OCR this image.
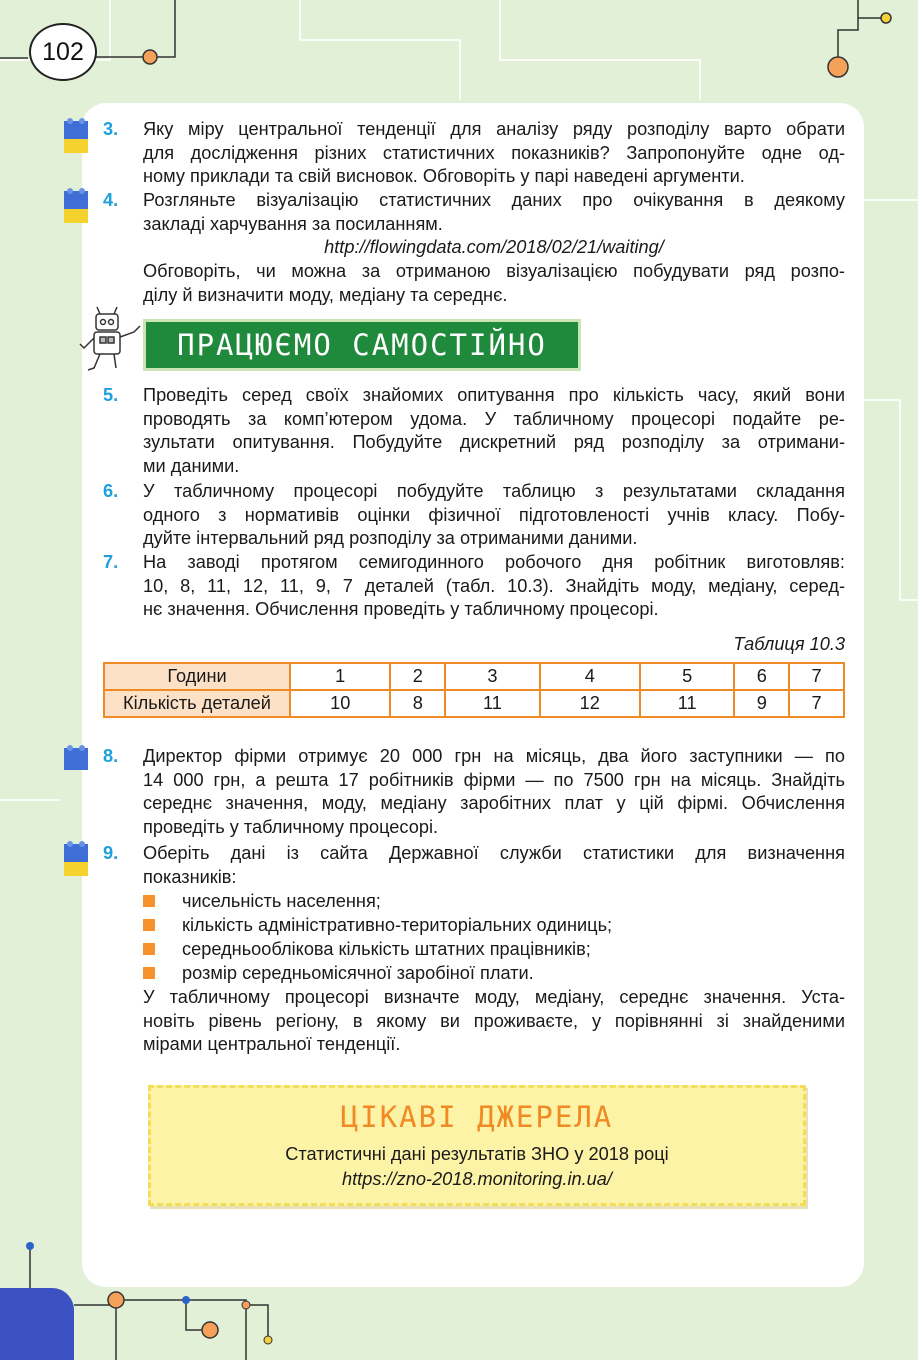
102
3. Яку міру центральної тенденції для аналізу ряду розподілу варто обрати
для дослідження різних статистичних показників? Запропонуйте одне од-
ному приклади та свій висновок. Обговоріть у парі наведені аргументи.
4. Розгляньте візуалізацію статистичних даних про очікування в деякому
закладі харчування за посиланням.
http://flowingdata.com/2018/02/21/waiting/
Обговоріть, чи можна за отриманою візуалізацією побудувати ряд розпо-
ділу й визначити моду, медіану та середнє.
ПРАЦЮЄМО САМОСТІЙНО
5. Проведіть серед своїх знайомих опитування про кількість часу, який вони
проводять за комп’ютером удома. У табличному процесорі подайте ре-
зультати опитування. Побудуйте дискретний ряд розподілу за отримани-
ми даними.
6. У табличному процесорі побудуйте таблицю з результатами складання
одного з нормативів оцінки фізичної підготовленості учнів класу. Побу-
дуйте інтервальний ряд розподілу за отриманими даними.
7. На заводі протягом семигодинного робочого дня робітник виготовляв:
10, 8, 11, 12, 11, 9, 7 деталей (табл. 10.3). Знайдіть моду, медіану, серед-
нє значення. Обчислення проведіть у табличному процесорі.
Таблиця 10.3
Години	1	2	3	4	5	6	7
Кількість деталей	10	8	11	12	11	9	7
8. Директор фірми отримує 20 000 грн на місяць, два його заступники — по
14 000 грн, а решта 17 робітників фірми — по 7500 грн на місяць. Знайдіть
середнє значення, моду, медіану заробітних плат у цій фірмі. Обчислення
проведіть у табличному процесорі.
9. Оберіть дані із сайта Державної служби статистики для визначення
показників:
чисельність населення;
кількість адміністративно-територіальних одиниць;
середньооблікова кількість штатних працівників;
розмір середньомісячної заробіної плати.
У табличному процесорі визначте моду, медіану, середнє значення. Уста-
новіть рівень регіону, в якому ви проживаєте, у порівнянні зі знайденими
мірами центральної тенденції.
ЦІКАВІ ДЖЕРЕЛА
Статистичні дані результатів ЗНО у 2018 році
https://zno-2018.monitoring.in.ua/
